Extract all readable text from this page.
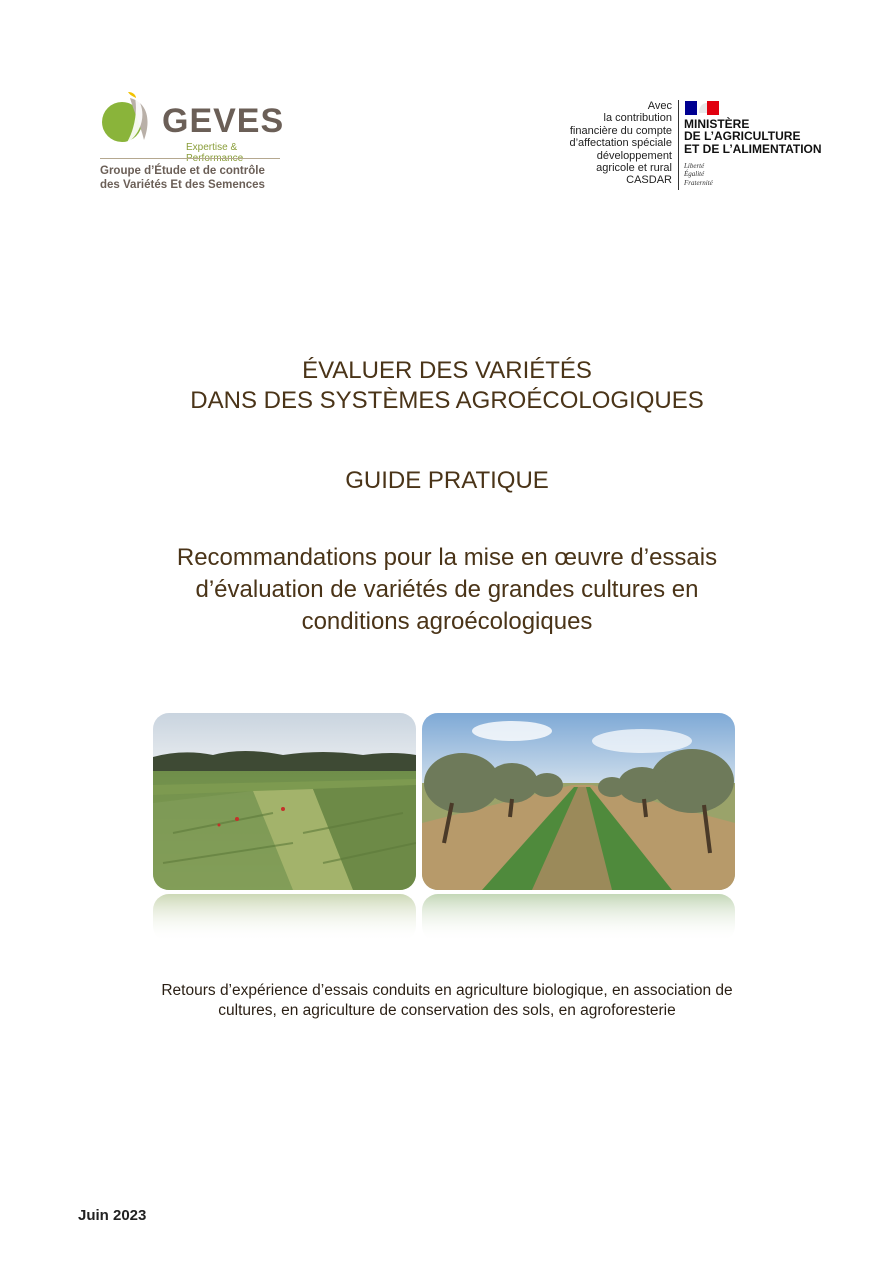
GEVES
Expertise &
Groupe d’Étude et de contrôle
des Variétés Et des Semences
Avec
la contribution
financière du compte
d’affectation spéciale
développement
agricole et rural
CASDAR
MINISTÈRE
DE L’AGRICULTURE
ET DE L’ALIMENTATION
Liberté
Égalité
Fraternité
ÉVALUER DES VARIÉTÉS
DANS DES SYSTÈMES AGROÉCOLOGIQUES
GUIDE PRATIQUE
Recommandations pour la mise en œuvre d’essais
d’évaluation de variétés de grandes cultures en
conditions agroécologiques
Retours d’expérience d’essais conduits en agriculture biologique, en association de
cultures, en agriculture de conservation des sols, en agroforesterie
Juin 2023
